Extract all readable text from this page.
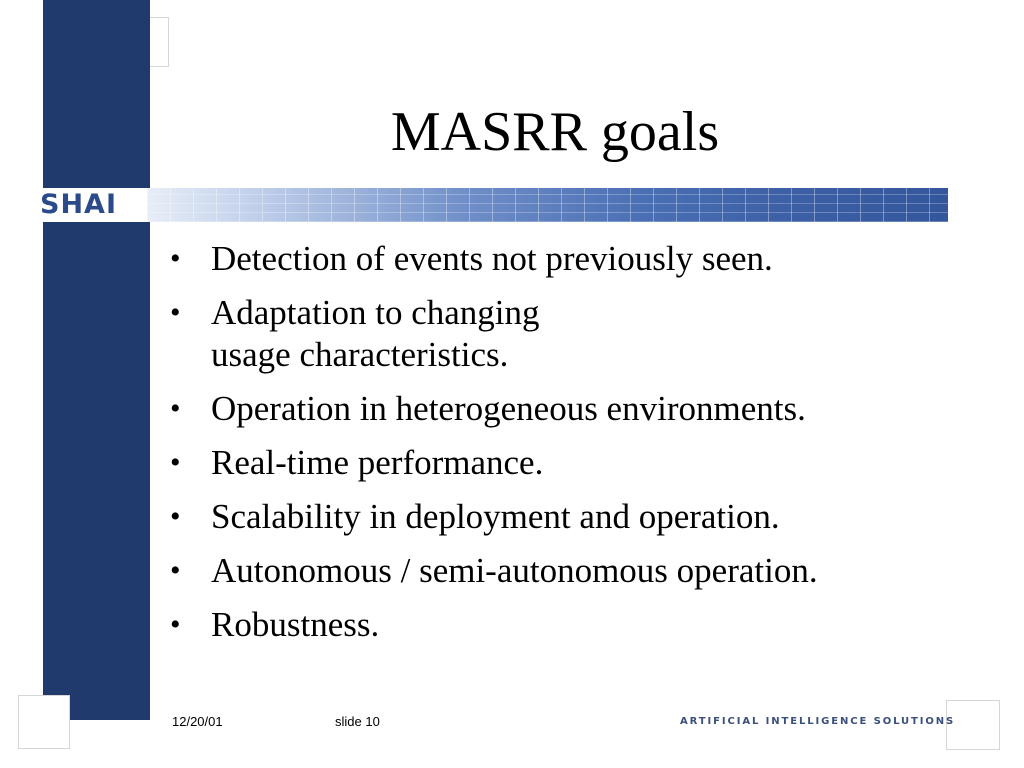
MASRR goals
SHAI
• Detection of events not previously seen.
• Adaptation to changing
usage characteristics.
• Operation in heterogeneous environments.
• Real-time performance.
• Scalability in deployment and operation.
• Autonomous / semi-autonomous operation.
• Robustness.
12/20/01	slide 10	ARTIFICIAL INTELLIGENCE SOLUTIONS
